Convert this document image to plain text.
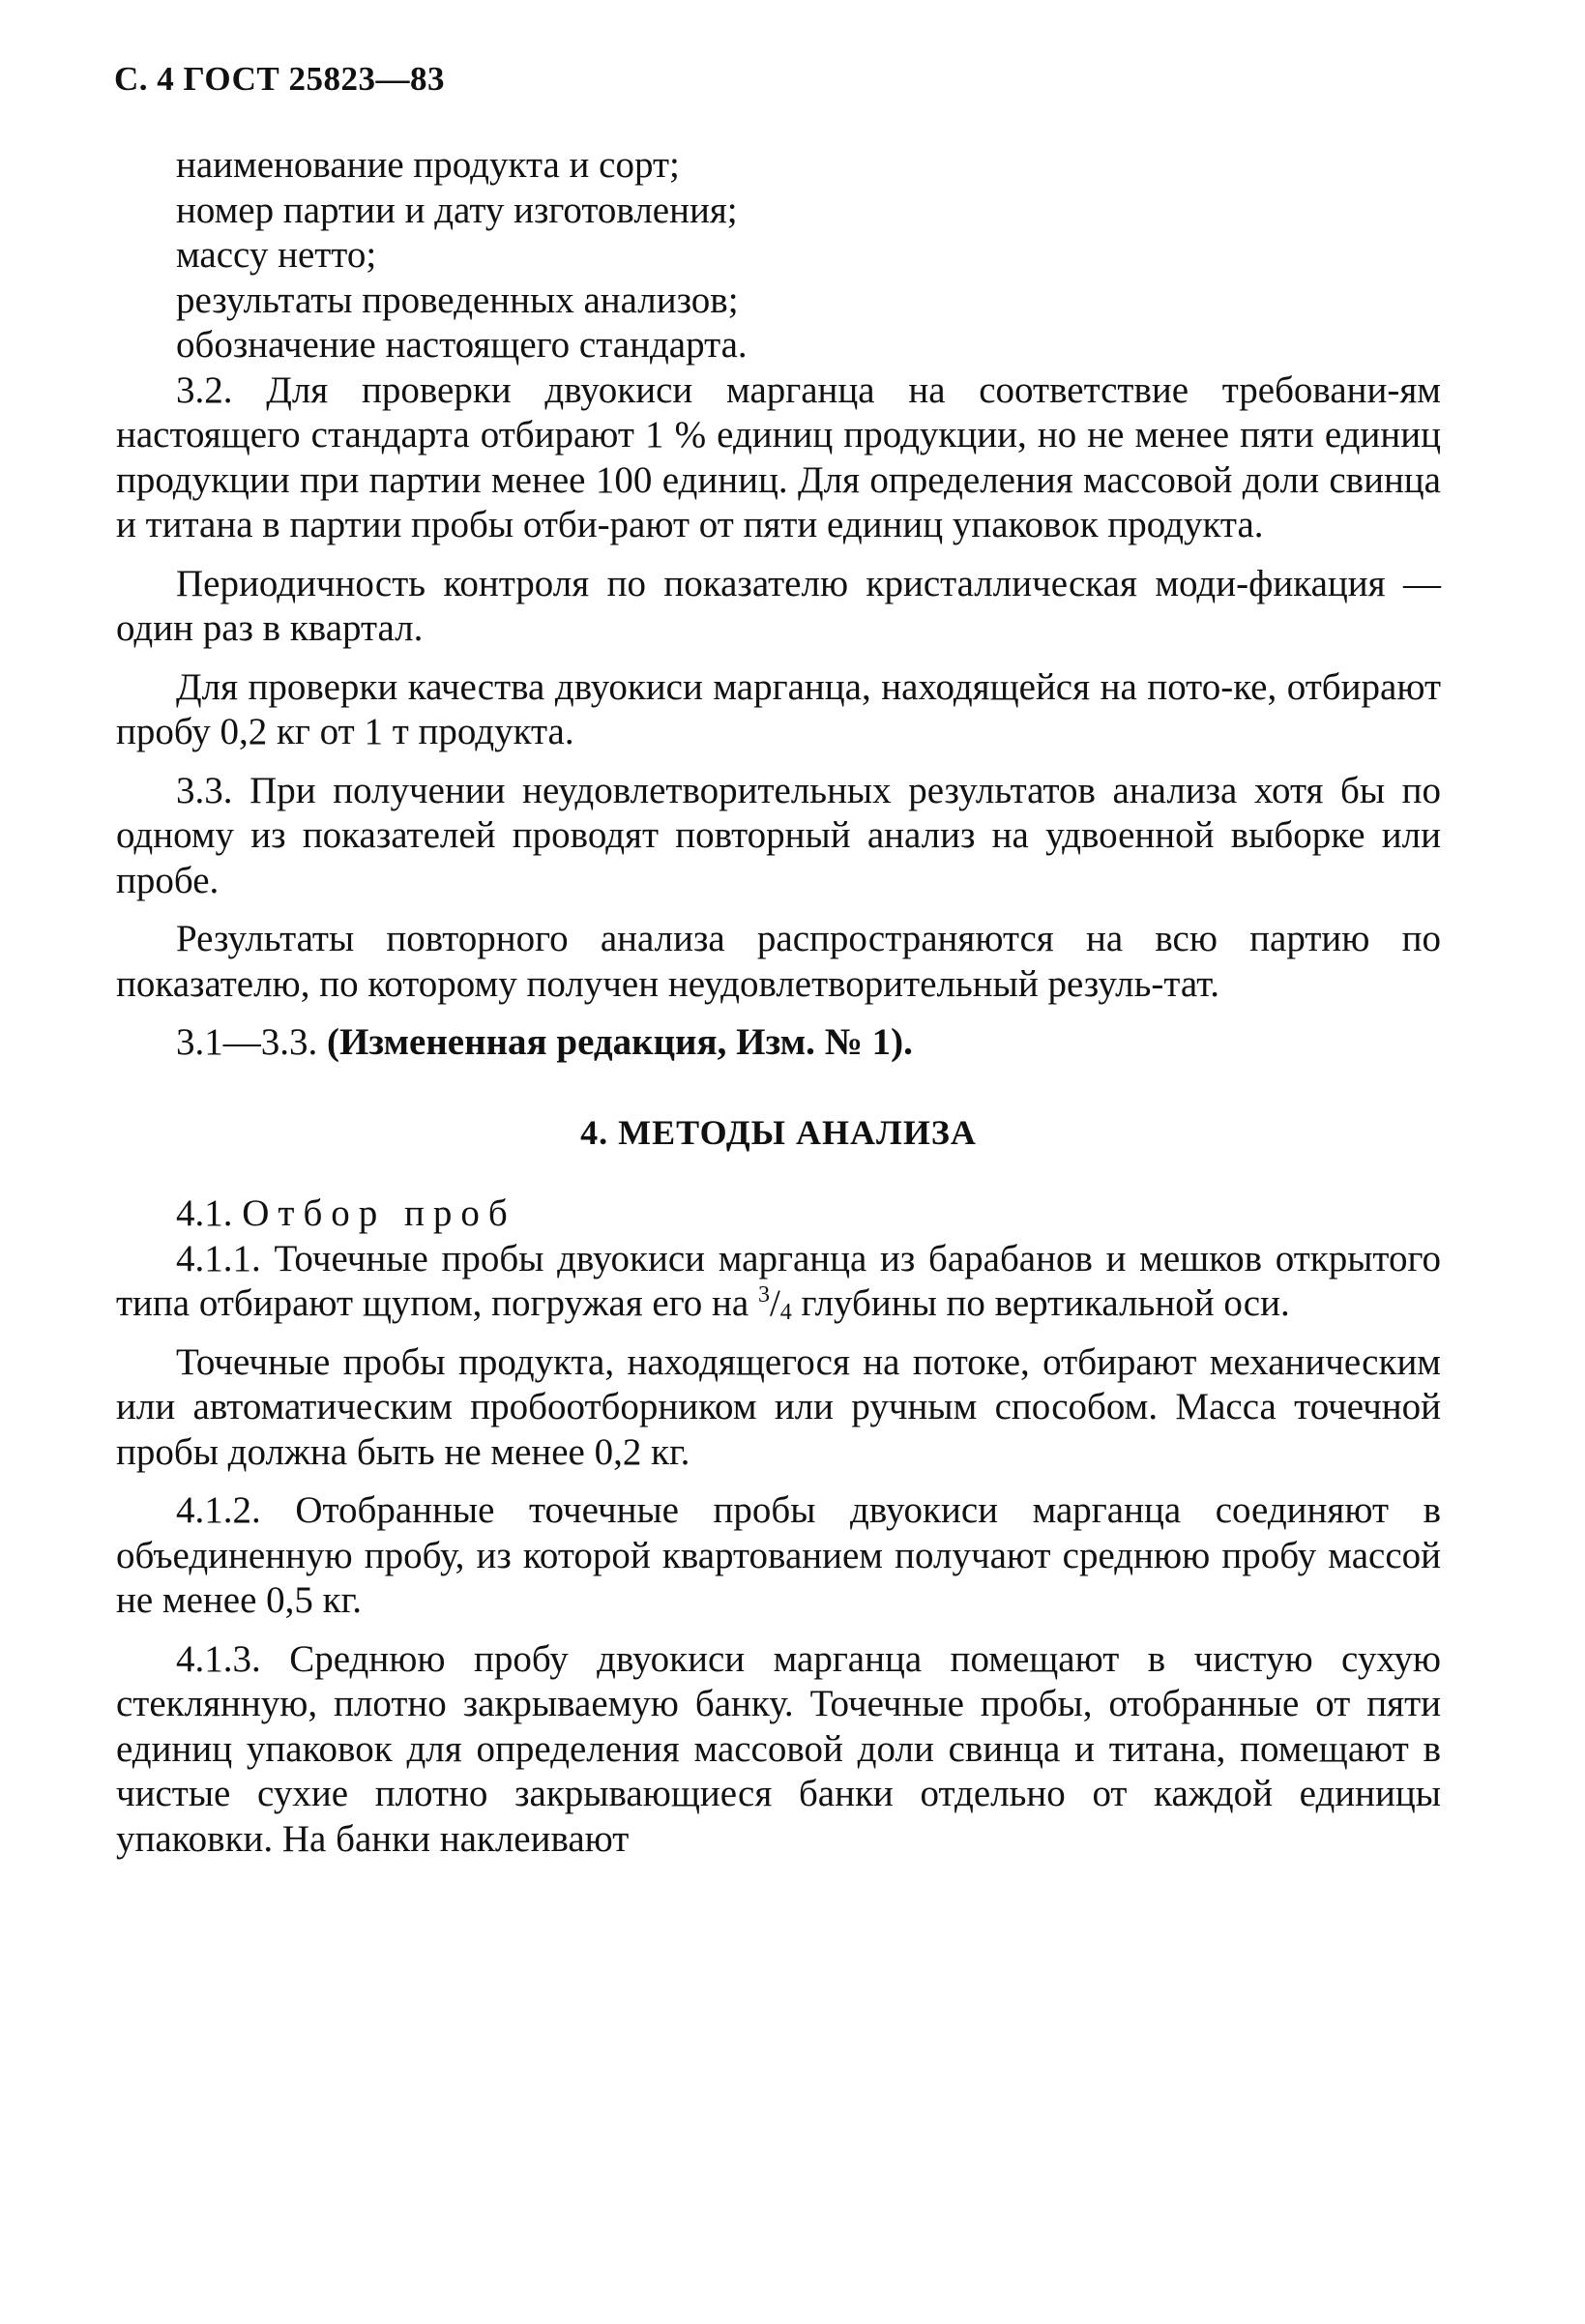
С. 4 ГОСТ 25823—83
наименование продукта и сорт;
номер партии и дату изготовления;
массу нетто;
результаты проведенных анализов;
обозначение настоящего стандарта.

3.2. Для проверки двуокиси марганца на соответствие требовани-ям настоящего стандарта отбирают 1 % единиц продукции, но не менее пяти единиц продукции при партии менее 100 единиц. Для определения массовой доли свинца и титана в партии пробы отби-рают от пяти единиц упаковок продукта.

Периодичность контроля по показателю кристаллическая моди-фикация — один раз в квартал.

Для проверки качества двуокиси марганца, находящейся на пото-ке, отбирают пробу 0,2 кг от 1 т продукта.

3.3. При получении неудовлетворительных результатов анализа хотя бы по одному из показателей проводят повторный анализ на удвоенной выборке или пробе.

Результаты повторного анализа распространяются на всю партию по показателю, по которому получен неудовлетворительный резуль-тат.

3.1—3.3. (Измененная редакция, Изм. № 1).

4. МЕТОДЫ АНАЛИЗА

4.1. Отбор проб

4.1.1. Точечные пробы двуокиси марганца из барабанов и мешков открытого типа отбирают щупом, погружая его на $^3/_4$ глубины по вертикальной оси.

Точечные пробы продукта, находящегося на потоке, отбирают механическим или автоматическим пробоотборником или ручным способом. Масса точечной пробы должна быть не менее 0,2 кг.

4.1.2. Отобранные точечные пробы двуокиси марганца соединяют в объединенную пробу, из которой квартованием получают среднюю пробу массой не менее 0,5 кг.

4.1.3. Среднюю пробу двуокиси марганца помещают в чистую сухую стеклянную, плотно закрываемую банку. Точечные пробы, отобранные от пяти единиц упаковок для определения массовой доли свинца и титана, помещают в чистые сухие плотно закрывающиеся банки отдельно от каждой единицы упаковки. На банки наклеивают
